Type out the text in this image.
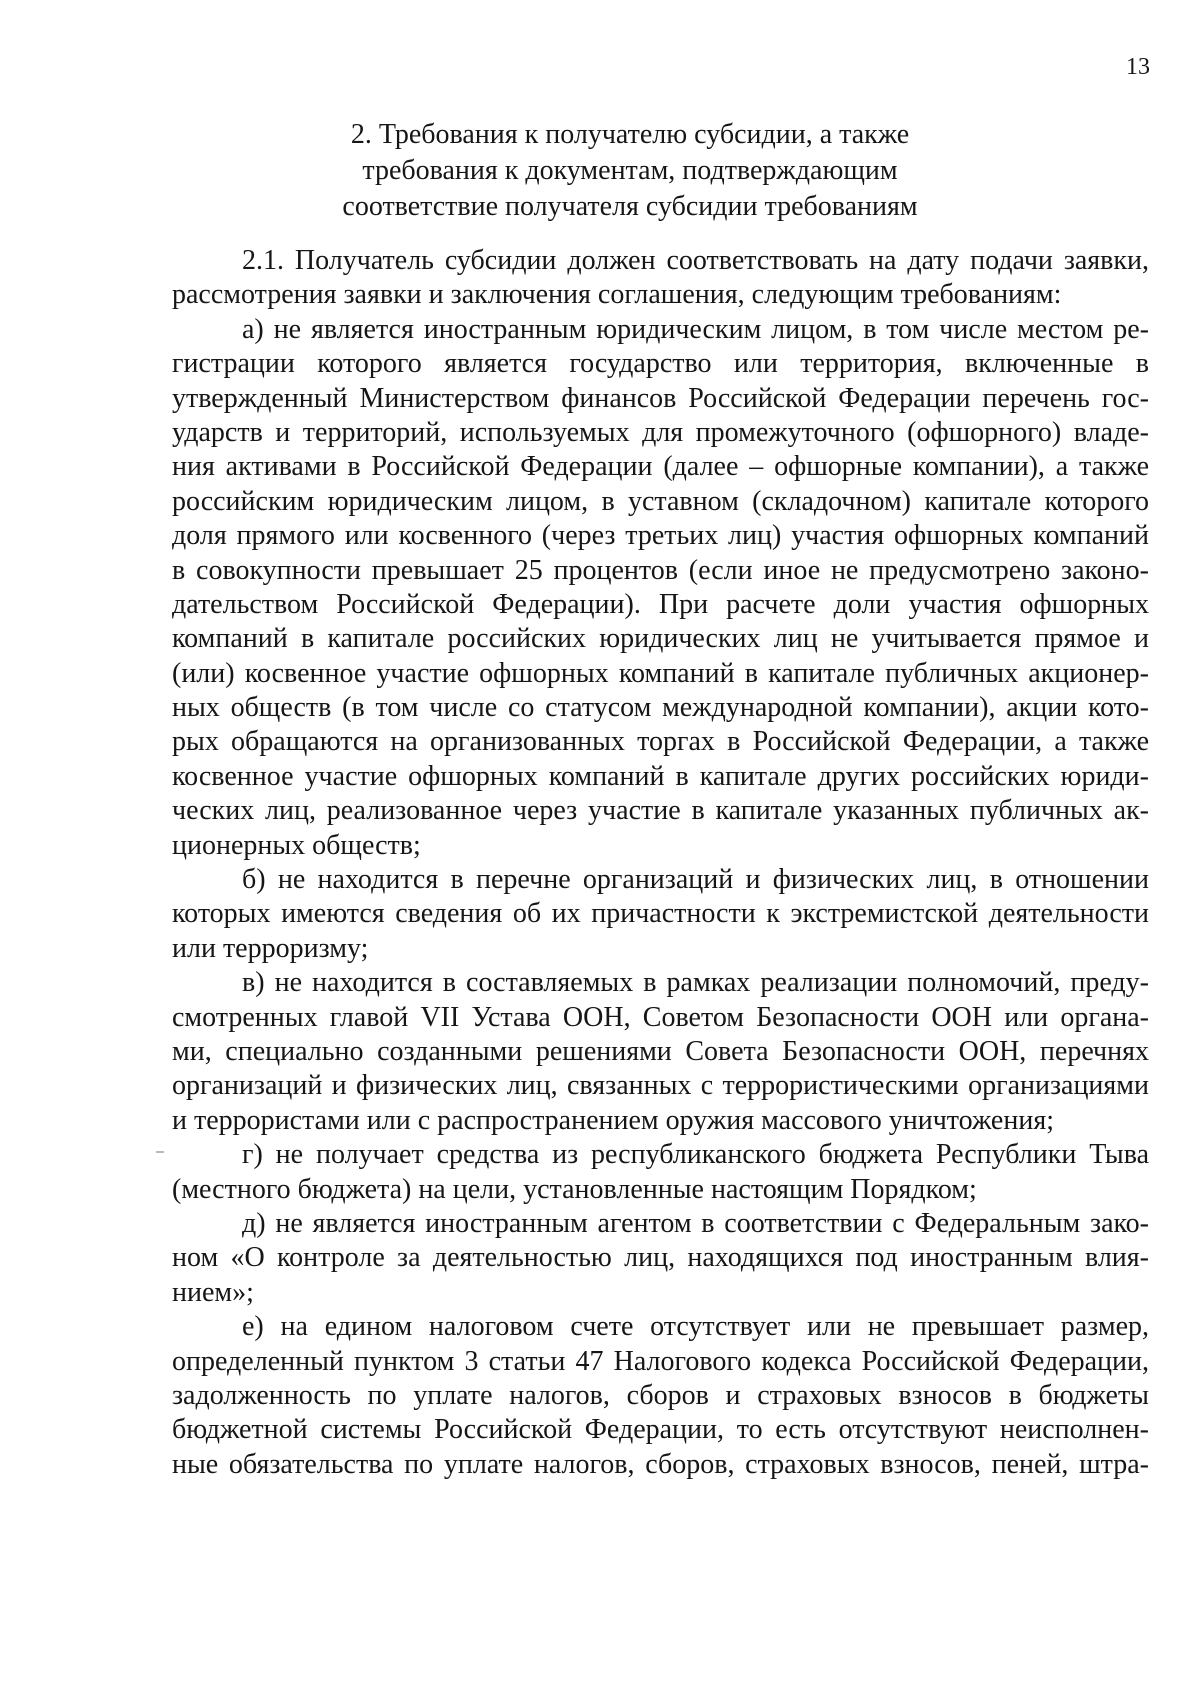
13
2. Требования к получателю субсидии, а также
требования к документам, подтверждающим
соответствие получателя субсидии требованиям
2.1. Получатель субсидии должен соответствовать на дату подачи заявки,
рассмотрения заявки и заключения соглашения, следующим требованиям:
а) не является иностранным юридическим лицом, в том числе местом ре-
гистрации которого является государство или территория, включенные в
утвержденный Министерством финансов Российской Федерации перечень гос-
ударств и территорий, используемых для промежуточного (офшорного) владе-
ния активами в Российской Федерации (далее – офшорные компании), а также
российским юридическим лицом, в уставном (складочном) капитале которого
доля прямого или косвенного (через третьих лиц) участия офшорных компаний
в совокупности превышает 25 процентов (если иное не предусмотрено законо-
дательством Российской Федерации). При расчете доли участия офшорных
компаний в капитале российских юридических лиц не учитывается прямое и
(или) косвенное участие офшорных компаний в капитале публичных акционер-
ных обществ (в том числе со статусом международной компании), акции кото-
рых обращаются на организованных торгах в Российской Федерации, а также
косвенное участие офшорных компаний в капитале других российских юриди-
ческих лиц, реализованное через участие в капитале указанных публичных ак-
ционерных обществ;
б) не находится в перечне организаций и физических лиц, в отношении
которых имеются сведения об их причастности к экстремистской деятельности
или терроризму;
в) не находится в составляемых в рамках реализации полномочий, преду-
смотренных главой VII Устава ООН, Советом Безопасности ООН или органа-
ми, специально созданными решениями Совета Безопасности ООН, перечнях
организаций и физических лиц, связанных с террористическими организациями
и террористами или с распространением оружия массового уничтожения;
г) не получает средства из республиканского бюджета Республики Тыва
(местного бюджета) на цели, установленные настоящим Порядком;
д) не является иностранным агентом в соответствии с Федеральным зако-
ном «О контроле за деятельностью лиц, находящихся под иностранным влия-
нием»;
е) на едином налоговом счете отсутствует или не превышает размер,
определенный пунктом 3 статьи 47 Налогового кодекса Российской Федерации,
задолженность по уплате налогов, сборов и страховых взносов в бюджеты
бюджетной системы Российской Федерации, то есть отсутствуют неисполнен-
ные обязательства по уплате налогов, сборов, страховых взносов, пеней, штра-
